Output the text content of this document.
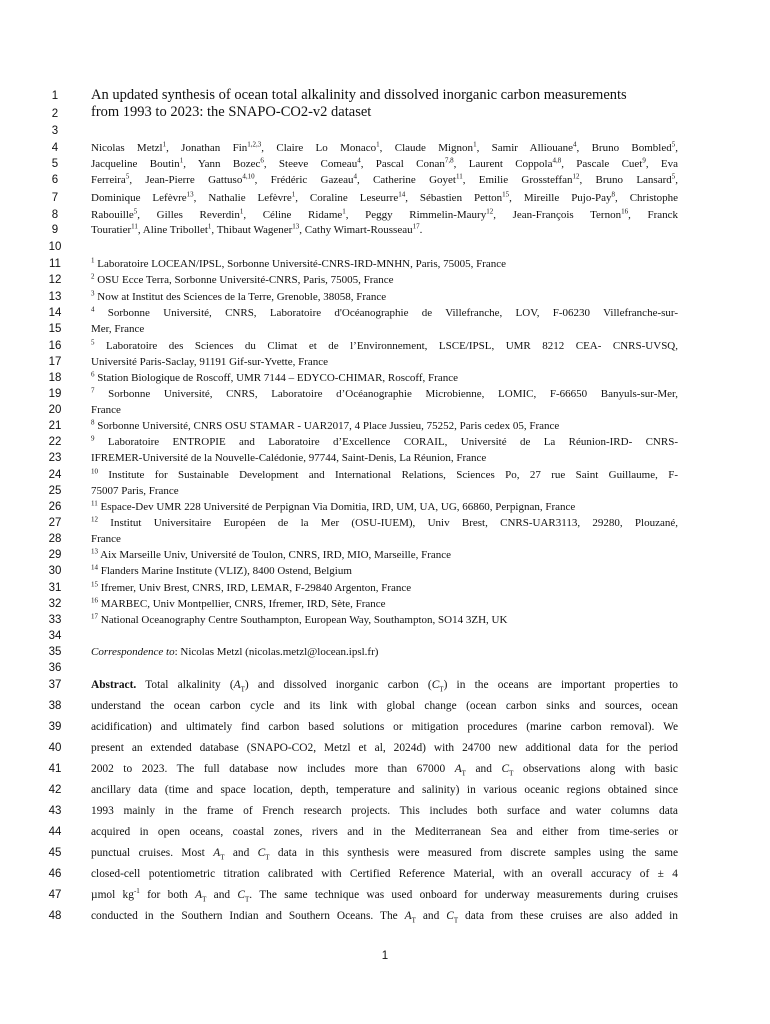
1
2
3
4
5
6
7
8
9
10
11
12
13
14
15
16
17
18
19
20
21
22
23
24
25
26
27
28
29
30
31
32
33
34
35
36
37
38
39
40
41
42
43
44
45
46
47
48
An updated synthesis of ocean total alkalinity and dissolved inorganic carbon measurements
from 1993 to 2023: the SNAPO-CO2-v2 dataset
Nicolas Metzl$^1$, Jonathan Fin$^{1,2,3}$, Claire Lo Monaco$^1$, Claude Mignon$^1$, Samir Alliouane$^4$, Bruno Bombled$^5$,
Jacqueline Boutin$^1$, Yann Bozec$^6$, Steeve Comeau$^4$, Pascal Conan$^{7,8}$, Laurent Coppola$^{4,8}$, Pascale Cuet$^9$, Eva
Ferreira$^5$, Jean-Pierre Gattuso$^{4,10}$, Frédéric Gazeau$^4$, Catherine Goyet$^{11}$, Emilie Grossteffan$^{12}$, Bruno Lansard$^5$,
Dominique Lefèvre$^{13}$, Nathalie Lefèvre$^1$, Coraline Leseurre$^{14}$, Sébastien Petton$^{15}$, Mireille Pujo-Pay$^8$, Christophe
Rabouille$^5$, Gilles Reverdin$^1$, Céline Ridame$^1$, Peggy Rimmelin-Maury$^{12}$, Jean-François Ternon$^{16}$, Franck
Touratier$^{11}$, Aline Tribollet$^1$, Thibaut Wagener$^{13}$, Cathy Wimart-Rousseau$^{17}$.
$^1$ Laboratoire LOCEAN/IPSL, Sorbonne Université-CNRS-IRD-MNHN, Paris, 75005, France
$^2$ OSU Ecce Terra, Sorbonne Université-CNRS, Paris, 75005, France
$^3$ Now at Institut des Sciences de la Terre, Grenoble, 38058, France
$^4$ Sorbonne Université, CNRS, Laboratoire d'Océanographie de Villefranche, LOV, F-06230 Villefranche-sur-
Mer, France
$^5$ Laboratoire des Sciences du Climat et de l’Environnement, LSCE/IPSL, UMR 8212 CEA- CNRS-UVSQ,
Université Paris-Saclay, 91191 Gif-sur-Yvette, France
$^6$ Station Biologique de Roscoff, UMR 7144 – EDYCO-CHIMAR, Roscoff, France
$^7$ Sorbonne Université, CNRS, Laboratoire d’Océanographie Microbienne, LOMIC, F-66650 Banyuls-sur-Mer,
France
$^8$ Sorbonne Université, CNRS OSU STAMAR - UAR2017, 4 Place Jussieu, 75252, Paris cedex 05, France
$^9$ Laboratoire ENTROPIE and Laboratoire d’Excellence CORAIL, Université de La Réunion-IRD- CNRS-
IFREMER-Université de la Nouvelle-Calédonie, 97744, Saint‑Denis, La Réunion, France
$^{10}$ Institute for Sustainable Development and International Relations, Sciences Po, 27 rue Saint Guillaume, F-
75007 Paris, France
$^{11}$ Espace-Dev UMR 228 Université de Perpignan Via Domitia, IRD, UM, UA, UG, 66860, Perpignan, France
$^{12}$ Institut Universitaire Européen de la Mer (OSU-IUEM), Univ Brest, CNRS-UAR3113, 29280, Plouzané,
France
$^{13}$ Aix Marseille Univ, Université de Toulon, CNRS, IRD, MIO, Marseille, France
$^{14}$ Flanders Marine Institute (VLIZ), 8400 Ostend, Belgium
$^{15}$ Ifremer, Univ Brest, CNRS, IRD, LEMAR, F-29840 Argenton, France
$^{16}$ MARBEC, Univ Montpellier, CNRS, Ifremer, IRD, Sète, France
$^{17}$ National Oceanography Centre Southampton, European Way, Southampton, SO14 3ZH, UK
Correspondence to: Nicolas Metzl (nicolas.metzl@locean.ipsl.fr)
Abstract. Total alkalinity $(A_T)$ and dissolved inorganic carbon $(C_T)$ in the oceans are important properties to
understand the ocean carbon cycle and its link with global change (ocean carbon sinks and sources, ocean
acidification) and ultimately find carbon based solutions or mitigation procedures (marine carbon removal). We
present an extended database (SNAPO-CO2, Metzl et al, 2024d) with 24700 new additional data for the period
2002 to 2023. The full database now includes more than 67000 $A_T$ and $C_T$ observations along with basic
ancillary data (time and space location, depth, temperature and salinity) in various oceanic regions obtained since
1993 mainly in the frame of French research projects. This includes both surface and water columns data
acquired in open oceans, coastal zones, rivers and in the Mediterranean Sea and either from time-series or
punctual cruises. Most $A_T$ and $C_T$ data in this synthesis were measured from discrete samples using the same
closed-cell potentiometric titration calibrated with Certified Reference Material, with an overall accuracy of ± 4
µmol $kg^{-1}$ for both $A_T$ and $C_T$. The same technique was used onboard for underway measurements during cruises
conducted in the Southern Indian and Southern Oceans. The $A_T$ and $C_T$ data from these cruises are also added in
1
